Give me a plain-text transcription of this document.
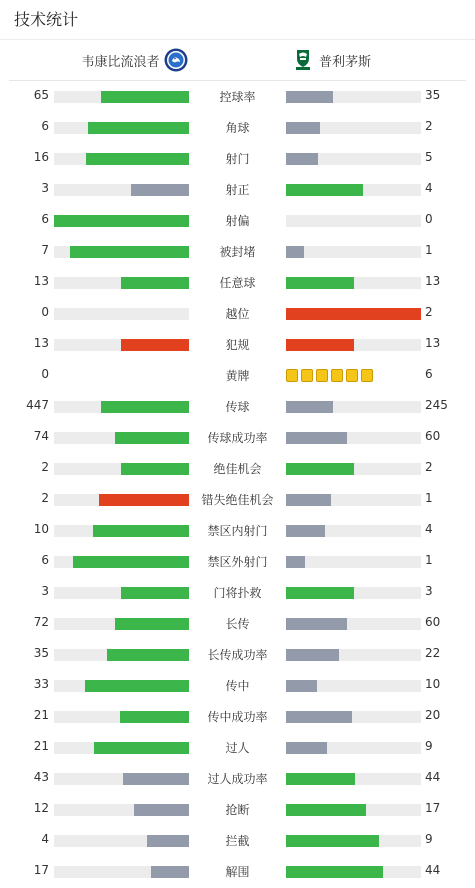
技术统计
韦康比流浪者	普利茅斯
65	控球率	35
6	角球	2
16	射门	5
3	射正	4
6	射偏	0
7	被封堵	1
13	任意球	13
0	越位	2
13	犯规	13
0	黄牌	6
447	传球	245
74	传球成功率	60
2	绝佳机会	2
2	错失绝佳机会	1
10	禁区内射门	4
6	禁区外射门	1
3	门将扑救	3
72	长传	60
35	长传成功率	22
33	传中	10
21	传中成功率	20
21	过人	9
43	过人成功率	44
12	抢断	17
4	拦截	9
17	解围	44
